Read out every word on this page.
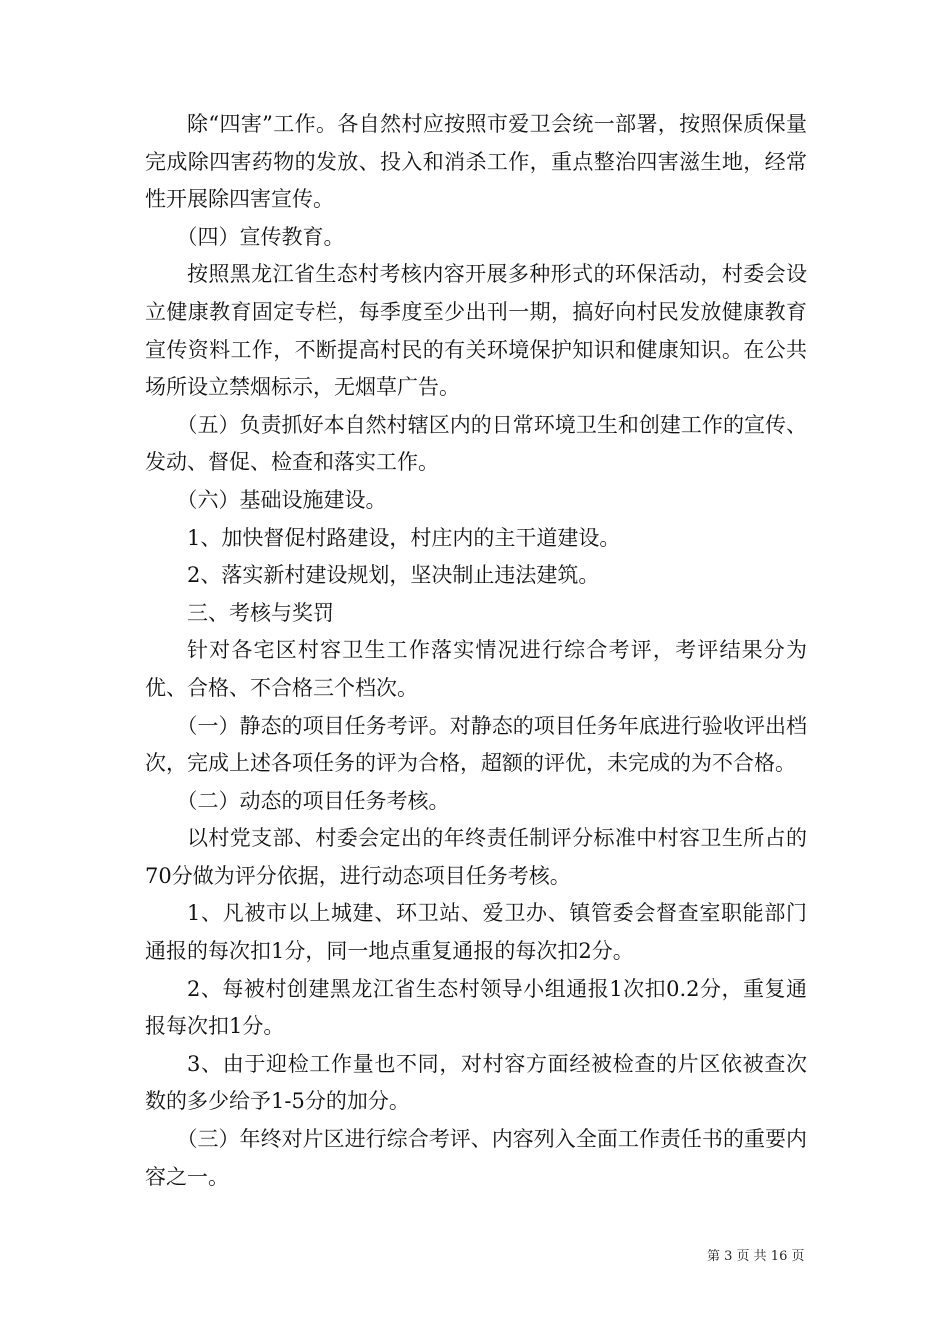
除“四害”工作。各自然村应按照市爱卫会统一部署，按照保质保量完成除四害药物的发放、投入和消杀工作，重点整治四害滋生地，经常性开展除四害宣传。

（四）宣传教育。

按照黑龙江省生态村考核内容开展多种形式的环保活动，村委会设立健康教育固定专栏，每季度至少出刊一期，搞好向村民发放健康教育宣传资料工作，不断提高村民的有关环境保护知识和健康知识。在公共场所设立禁烟标示，无烟草广告。

（五）负责抓好本自然村辖区内的日常环境卫生和创建工作的宣传、发动、督促、检查和落实工作。

（六）基础设施建设。

1、加快督促村路建设，村庄内的主干道建设。

2、落实新村建设规划，坚决制止违法建筑。

三、考核与奖罚

针对各宅区村容卫生工作落实情况进行综合考评，考评结果分为优、合格、不合格三个档次。

（一）静态的项目任务考评。对静态的项目任务年底进行验收评出档次，完成上述各项任务的评为合格，超额的评优，未完成的为不合格。

（二）动态的项目任务考核。

以村党支部、村委会定出的年终责任制评分标准中村容卫生所占的70分做为评分依据，进行动态项目任务考核。

1、凡被市以上城建、环卫站、爱卫办、镇管委会督查室职能部门通报的每次扣1分，同一地点重复通报的每次扣2分。

2、每被村创建黑龙江省生态村领导小组通报1次扣0.2分，重复通报每次扣1分。

3、由于迎检工作量也不同，对村容方面经被检查的片区依被查次数的多少给予1-5分的加分。

（三）年终对片区进行综合考评、内容列入全面工作责任书的重要内容之一。

第 3 页 共 16 页
